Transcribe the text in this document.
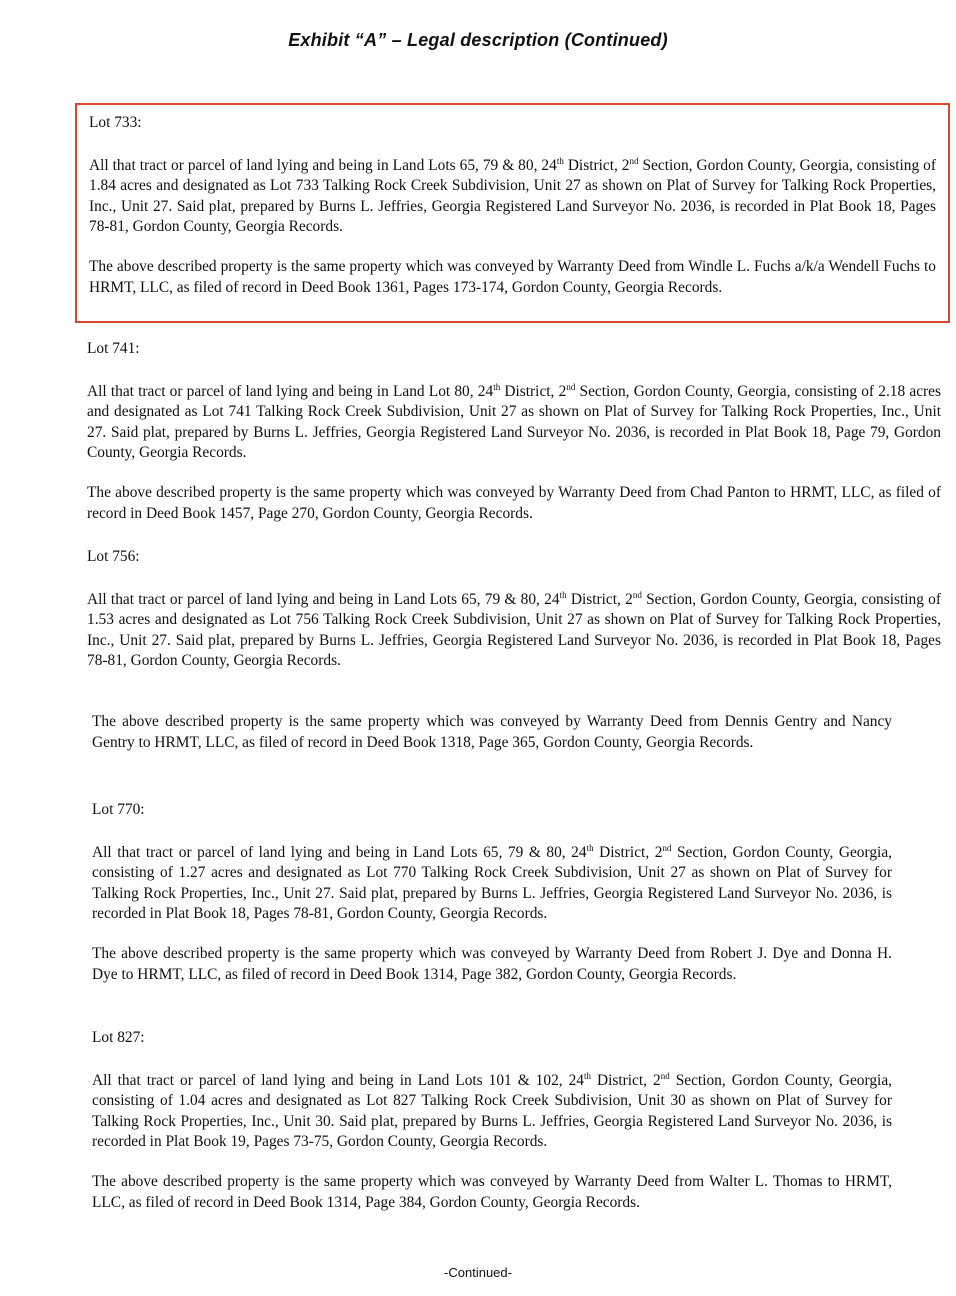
Exhibit “A” – Legal description (Continued)

Lot 733:

All that tract or parcel of land lying and being in Land Lots 65, 79 & 80, 24th District, 2nd Section, Gordon County, Georgia, consisting of 1.84 acres and designated as Lot 733 Talking Rock Creek Subdivision, Unit 27 as shown on Plat of Survey for Talking Rock Properties, Inc., Unit 27. Said plat, prepared by Burns L. Jeffries, Georgia Registered Land Surveyor No. 2036, is recorded in Plat Book 18, Pages 78-81, Gordon County, Georgia Records.

The above described property is the same property which was conveyed by Warranty Deed from Windle L. Fuchs a/k/a Wendell Fuchs to HRMT, LLC, as filed of record in Deed Book 1361, Pages 173-174, Gordon County, Georgia Records.

Lot 741:

All that tract or parcel of land lying and being in Land Lot 80, 24th District, 2nd Section, Gordon County, Georgia, consisting of 2.18 acres and designated as Lot 741 Talking Rock Creek Subdivision, Unit 27 as shown on Plat of Survey for Talking Rock Properties, Inc., Unit 27. Said plat, prepared by Burns L. Jeffries, Georgia Registered Land Surveyor No. 2036, is recorded in Plat Book 18, Page 79, Gordon County, Georgia Records.

The above described property is the same property which was conveyed by Warranty Deed from Chad Panton to HRMT, LLC, as filed of record in Deed Book 1457, Page 270, Gordon County, Georgia Records.

Lot 756:

All that tract or parcel of land lying and being in Land Lots 65, 79 & 80, 24th District, 2nd Section, Gordon County, Georgia, consisting of 1.53 acres and designated as Lot 756 Talking Rock Creek Subdivision, Unit 27 as shown on Plat of Survey for Talking Rock Properties, Inc., Unit 27. Said plat, prepared by Burns L. Jeffries, Georgia Registered Land Surveyor No. 2036, is recorded in Plat Book 18, Pages 78-81, Gordon County, Georgia Records.

The above described property is the same property which was conveyed by Warranty Deed from Dennis Gentry and Nancy Gentry to HRMT, LLC, as filed of record in Deed Book 1318, Page 365, Gordon County, Georgia Records.

Lot 770:

All that tract or parcel of land lying and being in Land Lots 65, 79 & 80, 24th District, 2nd Section, Gordon County, Georgia, consisting of 1.27 acres and designated as Lot 770 Talking Rock Creek Subdivision, Unit 27 as shown on Plat of Survey for Talking Rock Properties, Inc., Unit 27. Said plat, prepared by Burns L. Jeffries, Georgia Registered Land Surveyor No. 2036, is recorded in Plat Book 18, Pages 78-81, Gordon County, Georgia Records.

The above described property is the same property which was conveyed by Warranty Deed from Robert J. Dye and Donna H. Dye to HRMT, LLC, as filed of record in Deed Book 1314, Page 382, Gordon County, Georgia Records.

Lot 827:

All that tract or parcel of land lying and being in Land Lots 101 & 102, 24th District, 2nd Section, Gordon County, Georgia, consisting of 1.04 acres and designated as Lot 827 Talking Rock Creek Subdivision, Unit 30 as shown on Plat of Survey for Talking Rock Properties, Inc., Unit 30. Said plat, prepared by Burns L. Jeffries, Georgia Registered Land Surveyor No. 2036, is recorded in Plat Book 19, Pages 73-75, Gordon County, Georgia Records.

The above described property is the same property which was conveyed by Warranty Deed from Walter L. Thomas to HRMT, LLC, as filed of record in Deed Book 1314, Page 384, Gordon County, Georgia Records.

-Continued-
